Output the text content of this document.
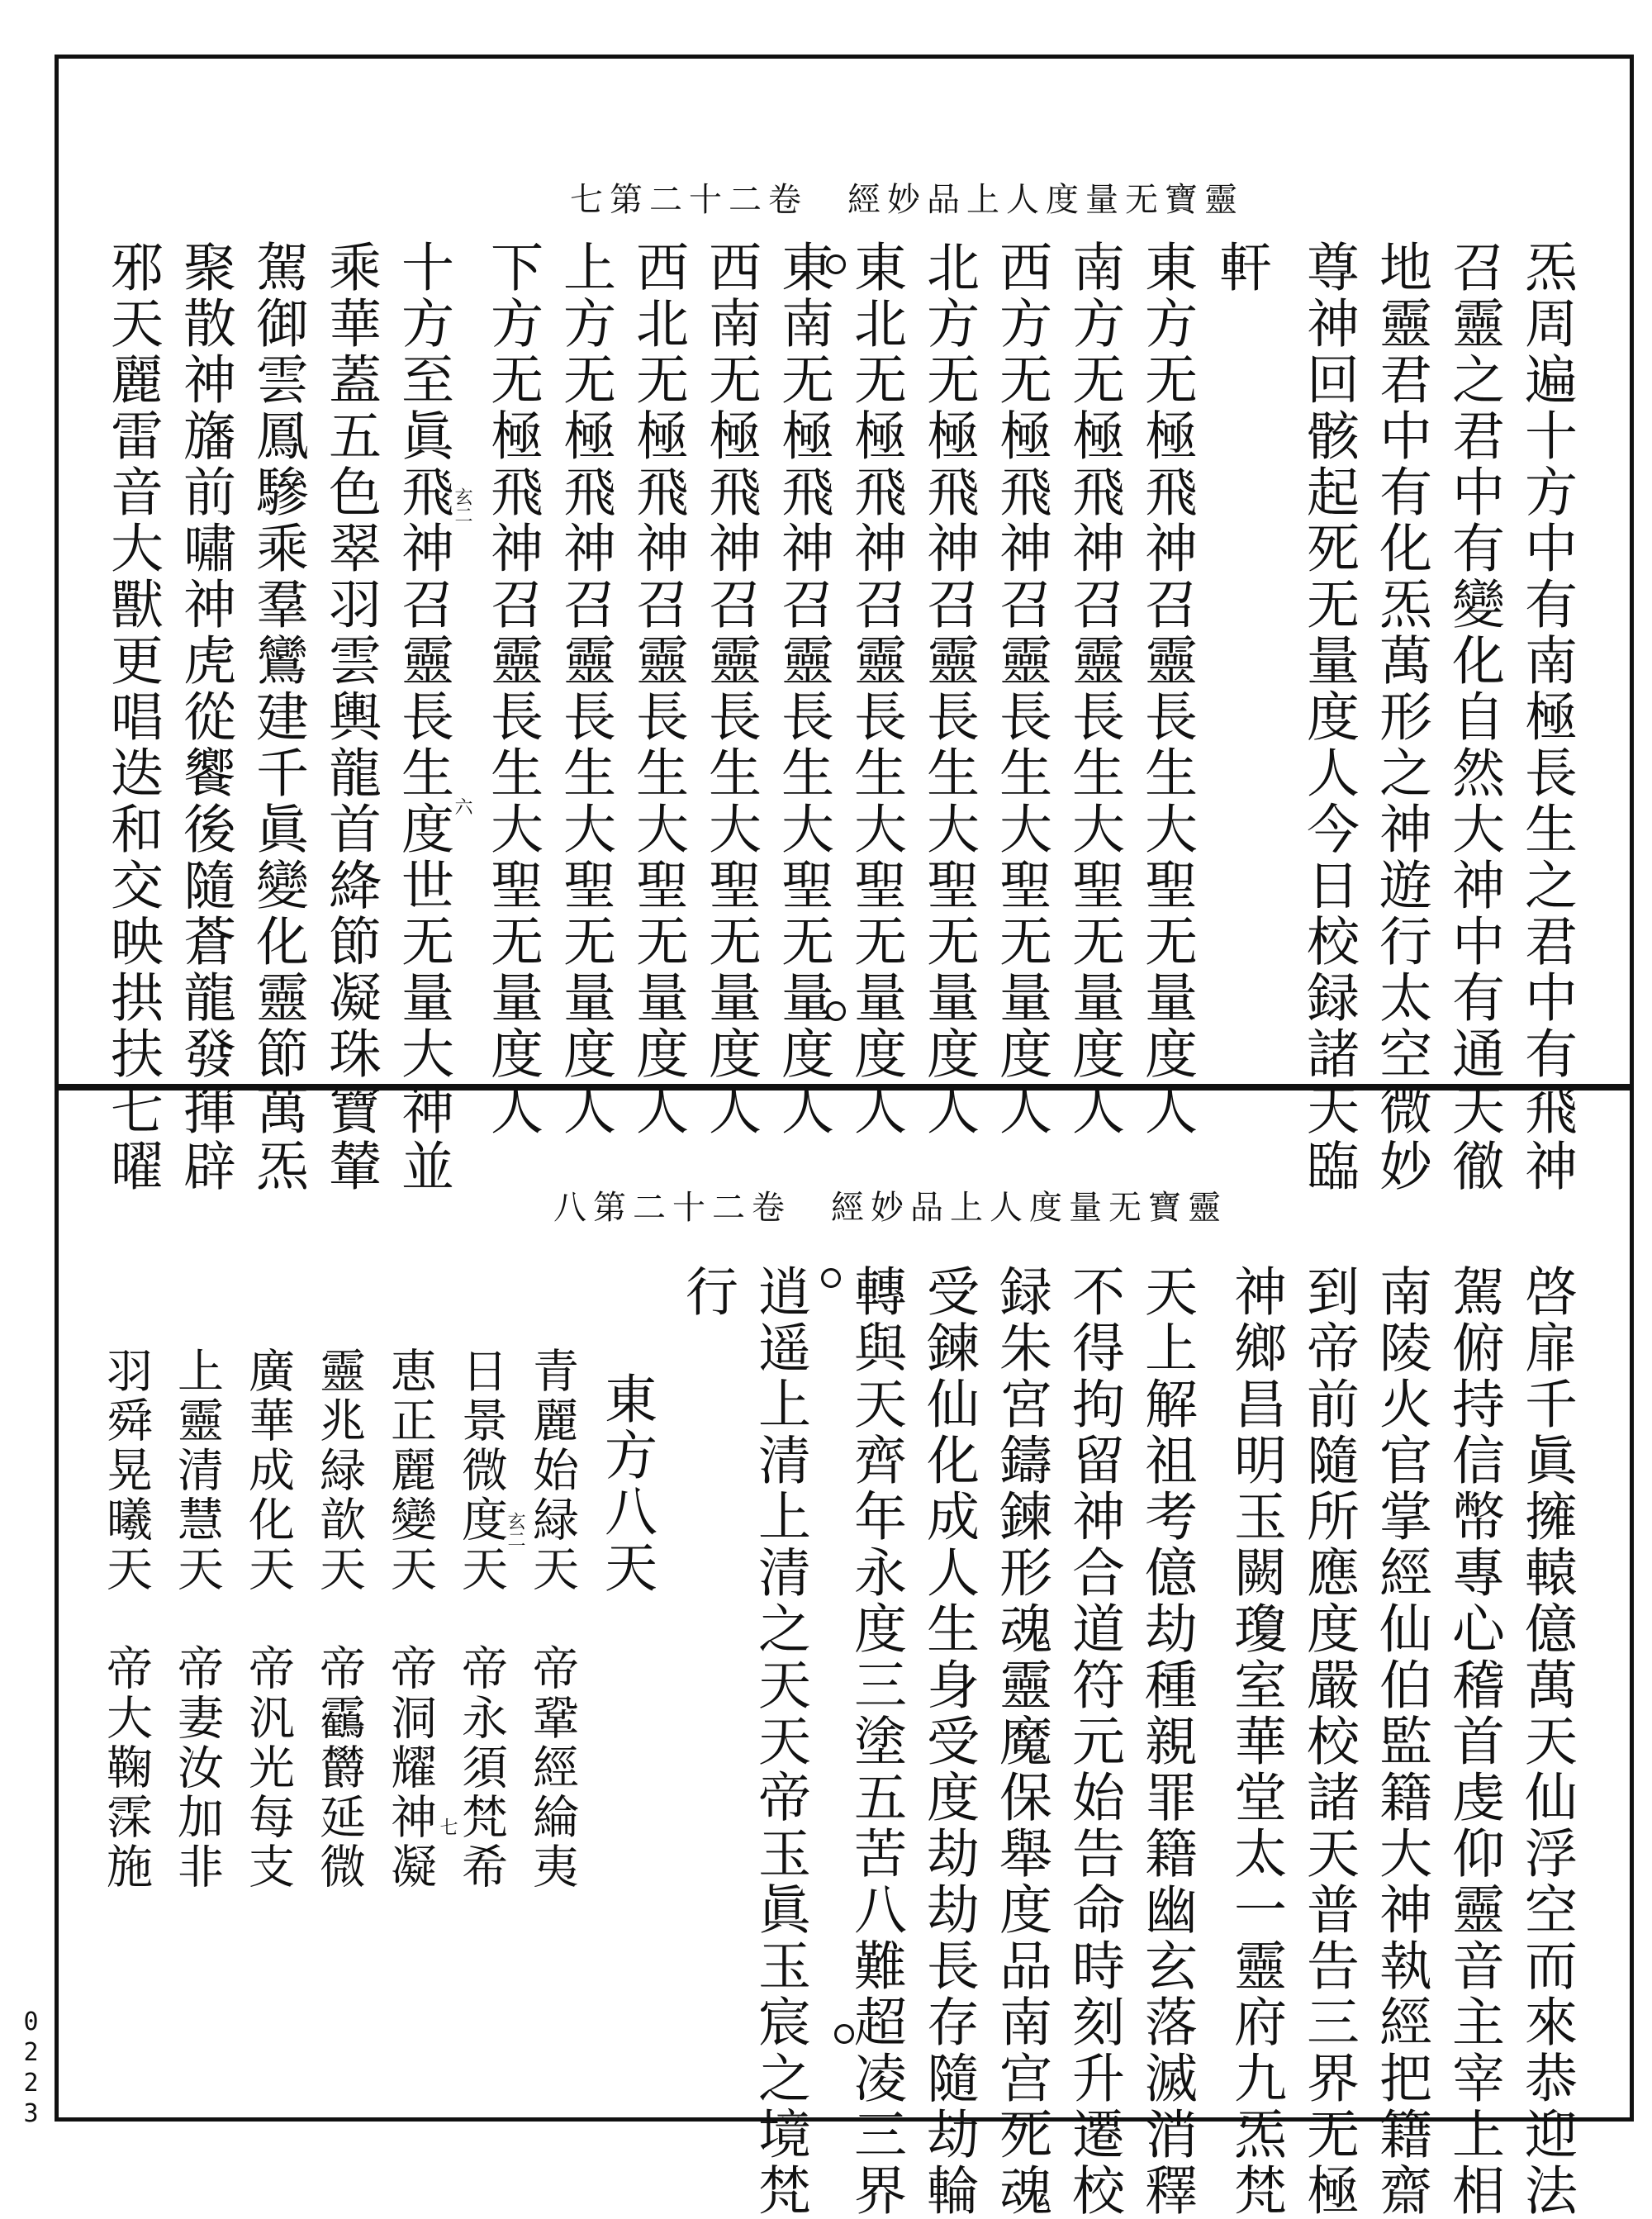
靈寶无量度人上品妙經　卷二十二第七
炁周遍十方中有南極長生之君中有飛神
召靈之君中有變化自然大神中有通天徹
地靈君中有化炁萬形之神遊行太空微妙
尊神回骸起死无量度人今日校録諸天臨
軒
東方无極飛神召靈長生大聖无量度人
南方无極飛神召靈長生大聖无量度人
西方无極飛神召靈長生大聖无量度人
北方无極飛神召靈長生大聖无量度人
東北无極飛神召靈長生大聖无量度人
東南无極飛神召靈長生大聖无量度人
西南无極飛神召靈長生大聖无量度人
西北无極飛神召靈長生大聖无量度人
上方无極飛神召靈長生大聖无量度人
下方无極飛神召靈長生大聖无量度人
十方至眞飛神召靈長生度世无量大神並
乘華蓋五色翠羽雲輿龍首絳節凝珠寶輦
駕御雲鳳驂乘羣鸞建千眞變化靈節萬炁
聚散神旛前嘯神虎從饗後隨蒼龍發揮辟
邪天麗雷音大獸更唱迭和交映拱扶七曜	玄二
六
靈寶无量度人上品妙經　卷二十二第八
啓扉千眞擁轅億萬天仙浮空而來恭迎法
駕俯持信幣專心稽首虔仰靈音主宰上相
南陵火官掌經仙伯監籍大神執經把籍齋
到帝前隨所應度嚴校諸天普告三界无極
神鄉昌明玉闕瓊室華堂太一靈府九炁梵
天上解祖考億劫種親罪籍幽玄落滅消釋
不得拘留神合道符元始告命時刻升遷校
録朱宮鑄鍊形魂靈魔保舉度品南宫死魂
受鍊仙化成人生身受度劫劫長存隨劫輪
轉與天齊年永度三塗五苦八難超凌三界
逍遥上清上清之天天帝玉眞玉宸之境梵
行
東方八天
青麗始緑天
帝鞏經綸夷
日景微度天
帝永須梵希
恵正麗變天
帝洞耀神凝
靈兆緑歆天
帝靏欝延微
廣華成化天
帝汎光每支
上靈清慧天
帝妻汝加非
羽舜晃曦天
帝大鞠霂施
玄二
七
0223
